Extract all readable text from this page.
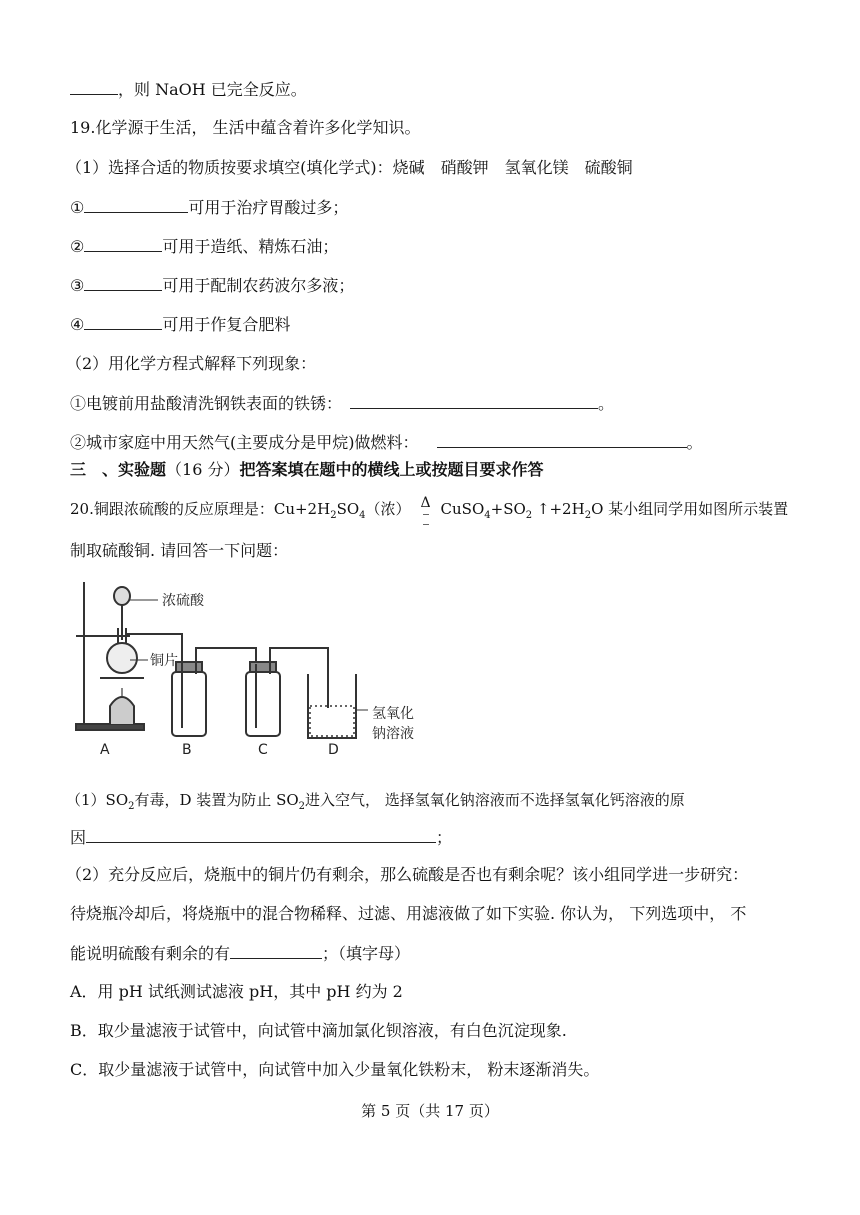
，则 NaOH 已完全反应。
19.化学源于生活， 生活中蕴含着许多化学知识。
（1）选择合适的物质按要求填空(填化学式)：烧碱　硝酸钾　氢氧化镁　硫酸铜
①	可用于治疗胃酸过多；
②	可用于造纸、精炼石油；
③	可用于配制农药波尔多液；
④	可用于作复合肥料
（2）用化学方程式解释下列现象：
①电镀前用盐酸清洗钢铁表面的铁锈：	。
②城市家庭中用天然气(主要成分是甲烷)做燃料：	。
三　、实验题（16 分）把答案填在题中的横线上或按题目要求作答
20.铜跟浓硫酸的反应原理是：$Cu+2H_2SO_4$（浓） Δ $CuSO_4+SO_2$ $↑+2H_2O$ 某小组同学用如图所示装置
制取硫酸铜. 请回答一下问题：
浓硫酸
铜片
氢氧化
钠溶液
A	B	C	D
$(1)SO_2$有毒，D 装置为防止 $SO_2$进入空气， 选择氢氧化钠溶液而不选择氢氧化钙溶液的原
因	；
（2）充分反应后，烧瓶中的铜片仍有剩余，那么硫酸是否也有剩余呢？该小组同学进一步研究：
待烧瓶冷却后，将烧瓶中的混合物稀释、过滤、用滤液做了如下实验. 你认为， 下列选项中， 不
能说明硫酸有剩余的有	；（填字母）
A．用 pH 试纸测试滤液 pH，其中 pH 约为 2
B．取少量滤液于试管中，向试管中滴加氯化钡溶液，有白色沉淀现象.
C．取少量滤液于试管中，向试管中加入少量氧化铁粉末， 粉末逐渐消失。
第 5 页（共 17 页）
